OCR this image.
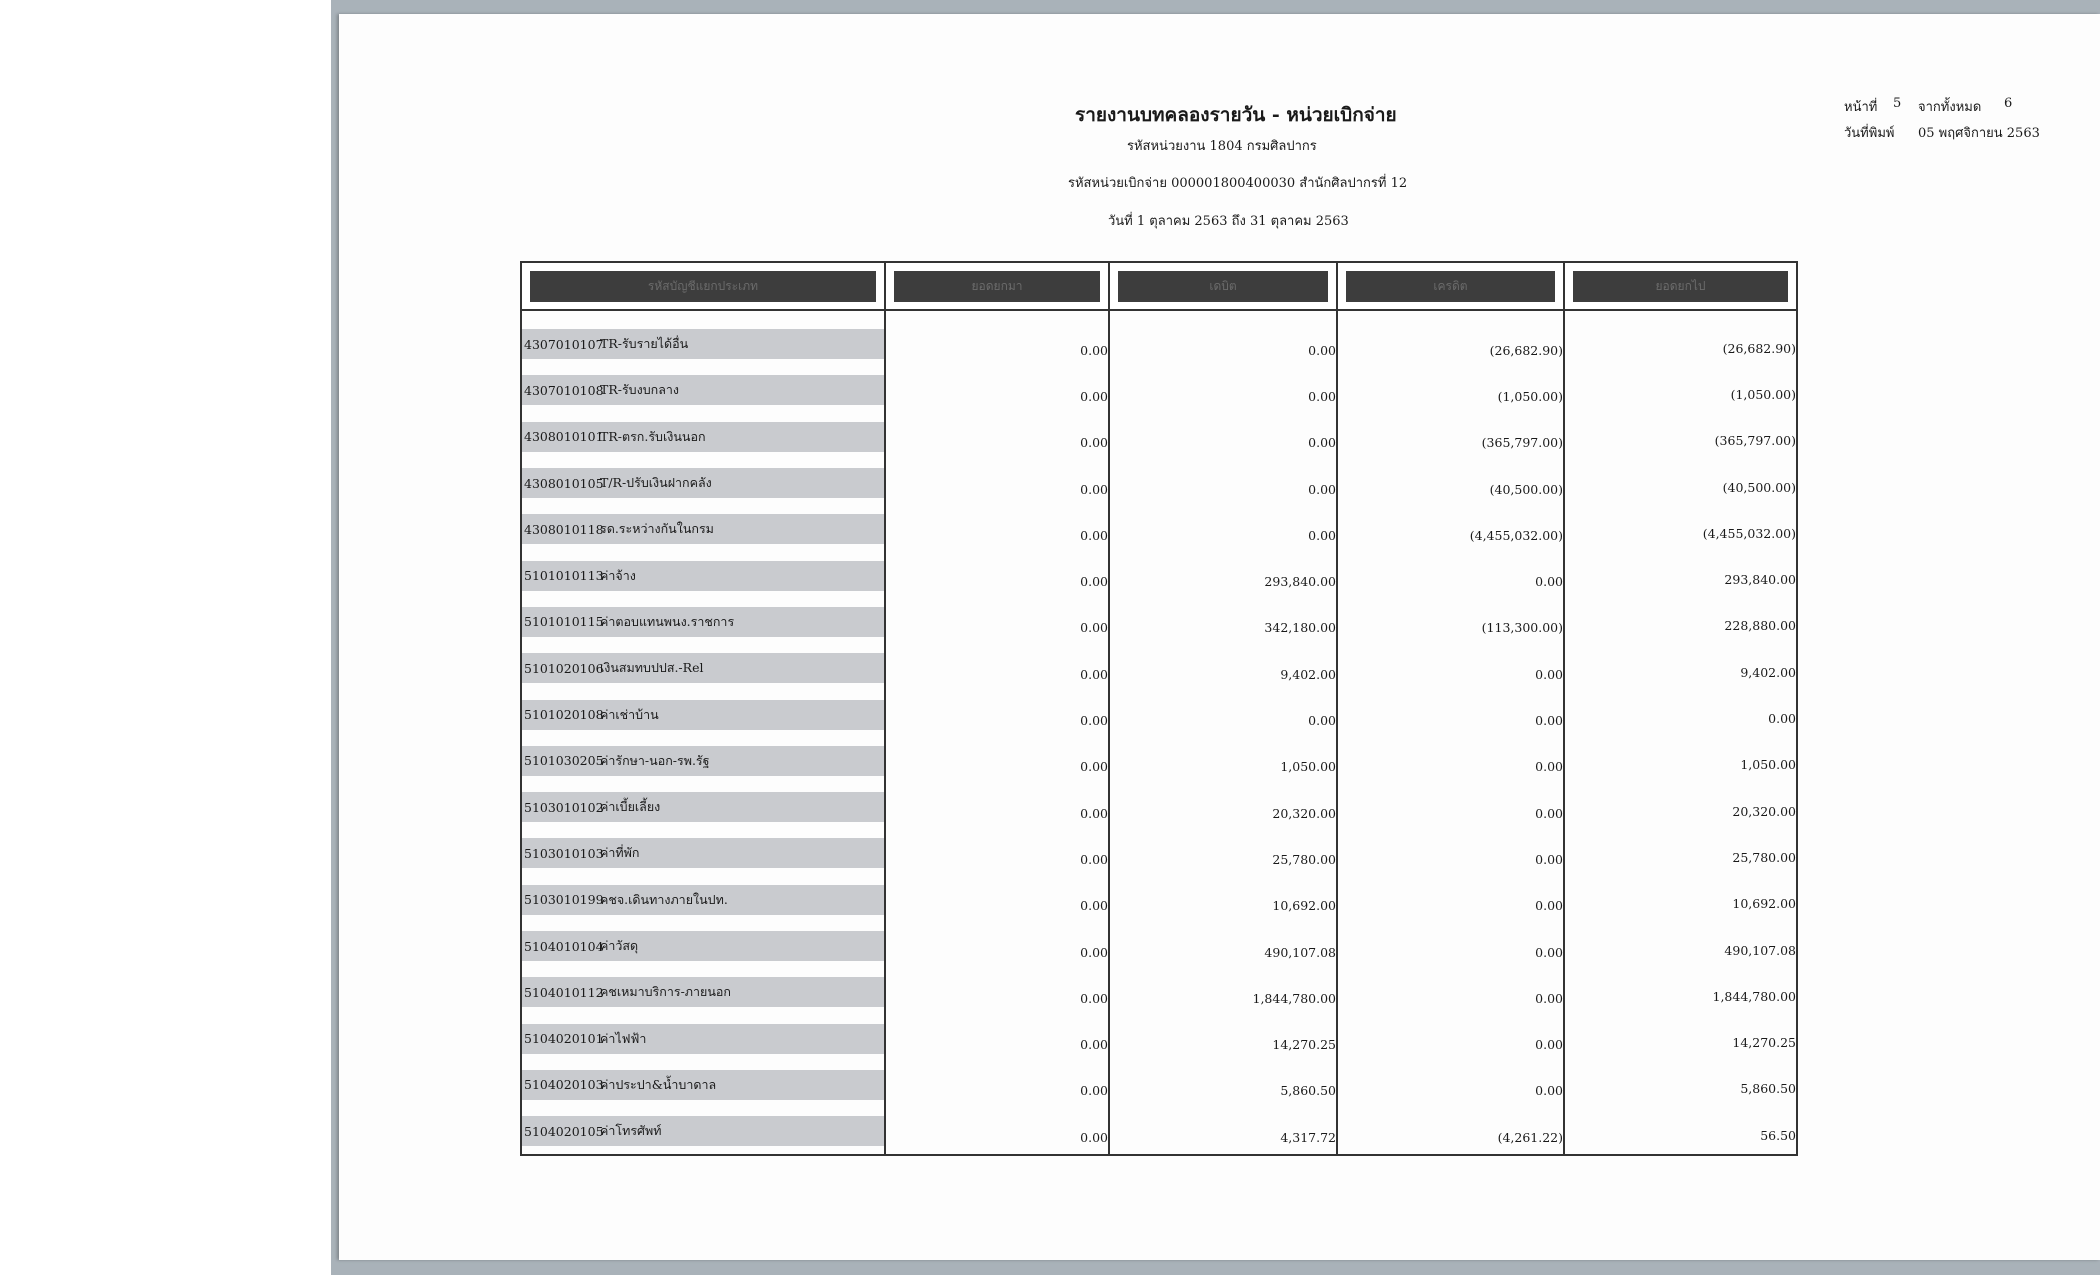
รายงานบทคลองรายวัน - หน่วยเบิกจ่าย
รหัสหน่วยงาน 1804 กรมศิลปากร
รหัสหน่วยเบิกจ่าย 000001800400030 สำนักศิลปากรที่ 12
วันที่ 1 ตุลาคม 2563 ถึง 31 ตุลาคม 2563
หน้าที่ 5 จากทั้งหมด 6
วันที่พิมพ์ 05 พฤศจิกายน 2563
รหัสบัญชีแยกประเภท	ยอดยกมา	เดบิต	เครดิต	ยอดยกไป

4307010107
TR-รับรายได้อื่น	0.00	0.00	(26,682.90)	(26,682.90)

4307010108
TR-รับงบกลาง	0.00	0.00	(1,050.00)	(1,050.00)

4308010101
TR-ตรก.รับเงินนอก	0.00	0.00	(365,797.00)	(365,797.00)

4308010105
T/R-ปรับเงินฝากคลัง	0.00	0.00	(40,500.00)	(40,500.00)

4308010118
รด.ระหว่างกันในกรม	0.00	0.00	(4,455,032.00)	(4,455,032.00)

5101010113
ค่าจ้าง	0.00	293,840.00	0.00	293,840.00

5101010115
ค่าตอบแทนพนง.ราชการ	0.00	342,180.00	(113,300.00)	228,880.00

5101020106
เงินสมทบปปส.-Rel	0.00	9,402.00	0.00	9,402.00

5101020108
ค่าเช่าบ้าน	0.00	0.00	0.00	0.00

5101030205
ค่ารักษา-นอก-รพ.รัฐ	0.00	1,050.00	0.00	1,050.00

5103010102
ค่าเบี้ยเลี้ยง	0.00	20,320.00	0.00	20,320.00

5103010103
ค่าที่พัก	0.00	25,780.00	0.00	25,780.00

5103010199
คชจ.เดินทางภายในปท.	0.00	10,692.00	0.00	10,692.00

5104010104
ค่าวัสดุ	0.00	490,107.08	0.00	490,107.08

5104010112
คชเหมาบริการ-ภายนอก	0.00	1,844,780.00	0.00	1,844,780.00

5104020101
ค่าไฟฟ้า	0.00	14,270.25	0.00	14,270.25

5104020103
ค่าประปา&น้ำบาดาล	0.00	5,860.50	0.00	5,860.50

5104020105
ค่าโทรศัพท์	0.00	4,317.72	(4,261.22)	56.50
